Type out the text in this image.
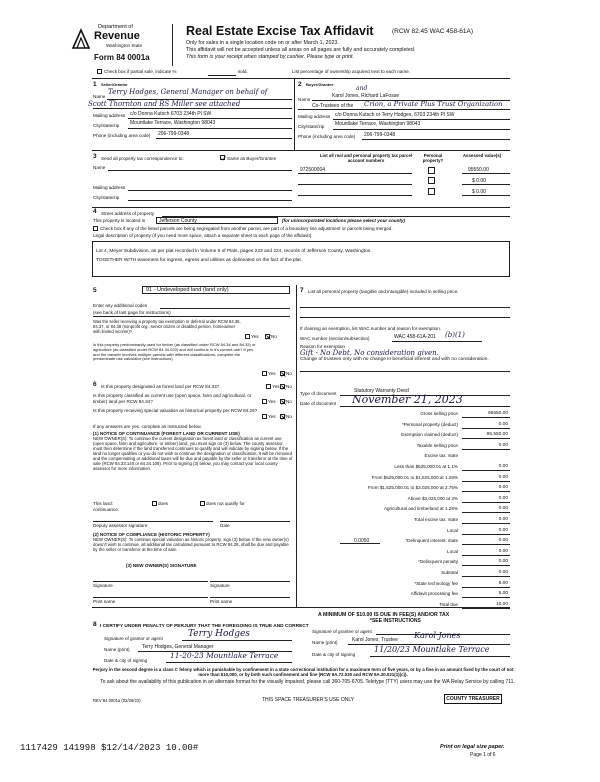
Department of
Revenue
Washington State
Form 84 0001a
Real Estate Excise Tax Affidavit	(RCW 82.45 WAC 458-61A)
Only for sales in a single location code on or after March 1, 2023.
This affidavit will not be accepted unless all areas on all pages are fully and accurately completed.
This form is your receipt when stamped by cashier. Please type or print.
Check box if partial sale, indicate %	sold.	List percentage of ownership acquired next to each name.
1 Seller/Grantor
Name
Terry Hodges, General Manager on behalf of
Scott Thornton and RS Miller see attached
Mailing address c/o Donna Kutsch 6703 234th Pl SW
City/state/zip Mountlake Terrace, Washington 98043
Phone (including area code) 206-799-0348
2 Buyer/Grantee
and
Name
Karol Jones, Richard LaFosse
Co-Trustees of the Crion, a Private Plus Trust Organization
Mailing address c/o Donna Kutsch or Terry Hodges, 6703 234th Pl SW
City/state/zip Mountlake Terrace, Washington 98043
Phone (including area code) 206-799-0348
3 Send all property tax correspondence to:	Same as Buyer/Grantee
Name
Mailing address
City/state/zip
List all real and personal property tax parcel account numbers
Personal property?
Assessed value(s)
972500004	95550.00
$ 0.00
$ 0.00
4 Street address of property
This property is located in	Jefferson County	(for unincorporated locations please select your county)
Check box if any of the listed parcels are being segregated from another parcel, are part of a boundary line adjustment or parcels being merged.
Legal description of property (if you need more space, attach a separate sheet to each page of the affidavit).
Lot 4, Meyer Subdivision, as per plat recorded in Volume 6 of Plats, pages 223 and 224, records of Jefferson County, Washington.
TOGETHER WITH easement for ingress, egress and utilities as delineated on the fact of the plat.
5	91 - Undeveloped land (land only)
Enter any additional codes
(see back of last page for instructions)
Was the seller receiving a property tax exemption or deferral under RCW 84.36, 84.37, or 84.38 (nonprofit org., senior citizen or disabled person, homeowner with limited income)?
Yes	No
Is this property predominantly used for timber (as classified under RCW 84.34 and 84.33) or agriculture (as classified under RCW 84.34.020) and will continue in it's current use? If yes and the transfer involves multiple parcels with different classifications, complete the predominate use calculator (see instructions)
Yes No
6 Is this property designated as forest land per RCW 84.33?	Yes No
Is this property classified as current use (open space, farm and agricultural, or timber) land per RCW 84.34?	Yes No
Is this property receiving special valuation as historical property per RCW 84.26?
Yes No
If any answers are yes, complete as instructed below.
(1) NOTICE OF CONTINUANCE (FOREST LAND OR CURRENT USE)
NEW OWNER(S): To continue the current designation as forest land or classification as current use (open space, farm and agriculture, or timber) land, you must sign on (3) below. The county assessor must then determine if the land transferred continues to qualify and will indicate by signing below. If the land no longer qualifies or you do not wish to continue the designation or classification, it will be removed and the compensating or additional taxes will be due and payable by the seller or transferor at the time of sale (RCW 84.33.140 or 84.34.108). Prior to signing (3) below, you may contact your local county assessor for more information.
This land:	does	does not qualify for
continuance.
Deputy assessor signature	Date
(2) NOTICE OF COMPLIANCE (HISTORIC PROPERTY)
NEW OWNER(S): To continue special valuation as historic property, sign (3) below. If the new owner(s) doesn't wish to continue, all additional tax calculated pursuant to RCW 84.26, shall be due and payable by the seller or transferor at the time of sale.
(3) NEW OWNER(S) SIGNATURE
Signature	Signature
Print name	Print name
7 List all personal property (tangible and intangible) included in selling price.
If claiming an exemption, list WAC number and reason for exemption.
WAC number (section/subsection)	WAC 458-61A-201 (b)(1)
Reason for exemption
Gift - No Debt, No consideration given.
Change of trustees only with no change in beneficial interest and with no consideration.
Type of document	Statutory Warranty Deed
Date of document November 21, 2023
Gross selling price	95550.00
*Personal property (deduct)	0.00
Exemption claimed (deduct)	95,550.00
Taxable selling price	0.00
Excise tax: state
Less than $525,000.01 at 1.1%	0.00
From $525,000.01 to $1,525,000 at 1.28%	0.00
From $1,525,000.01 to $3,025,000 at 2.75%	0.00
Above $3,025,000 at 3%	0.00
Agricultural and timberland at 1.28%	0.00
Total excise tax: state	0.00
Local	0.00
*Delinquent interest: state	0.00
Local	0.00
*Delinquent penalty	0.00
Subtotal	0.00
*State technology fee	5.00
Affidavit processing fee	5.00
Total due	10.00
0.0050
A MINIMUM OF $10.00 IS DUE IN FEE(S) AND/OR TAX
*SEE INSTRUCTIONS
8 I CERTIFY UNDER PENALTY OF PERJURY THAT THE FOREGOING IS TRUE AND CORRECT
Signature of grantor or agent	Terry Hodges
Name (print) Terry Hodges, General Manager
Date & city of signing
11-20-23 Mountlake Terrace
Signature of grantee or agent
Name (print)	Karol Jones, Trustee Karol Jones
Date & city of signing
11/20/23 Mountlake Terrace
Perjury in the second degree is a class C felony which is punishable by confinement in a state correctional institution for a maximum term of five years, or by a fine in an amount fixed by the court of not more than $10,000, or by both such confinement and fine (RCW 9A.72.030 and RCW 9A.20.021(1)(c)).
To ask about the availability of this publication in an alternate format for the visually impaired, please call 360-705-6705. Teletype (TTY) users may use the WA Relay Service by calling 711.
REV 84 0001a (02/28/23)	THIS SPACE TREASURER'S USE ONLY	COUNTY TREASURER
1117429 141998 $12/14/2023 10.00#	Print on legal size paper.
Page 1 of 6
